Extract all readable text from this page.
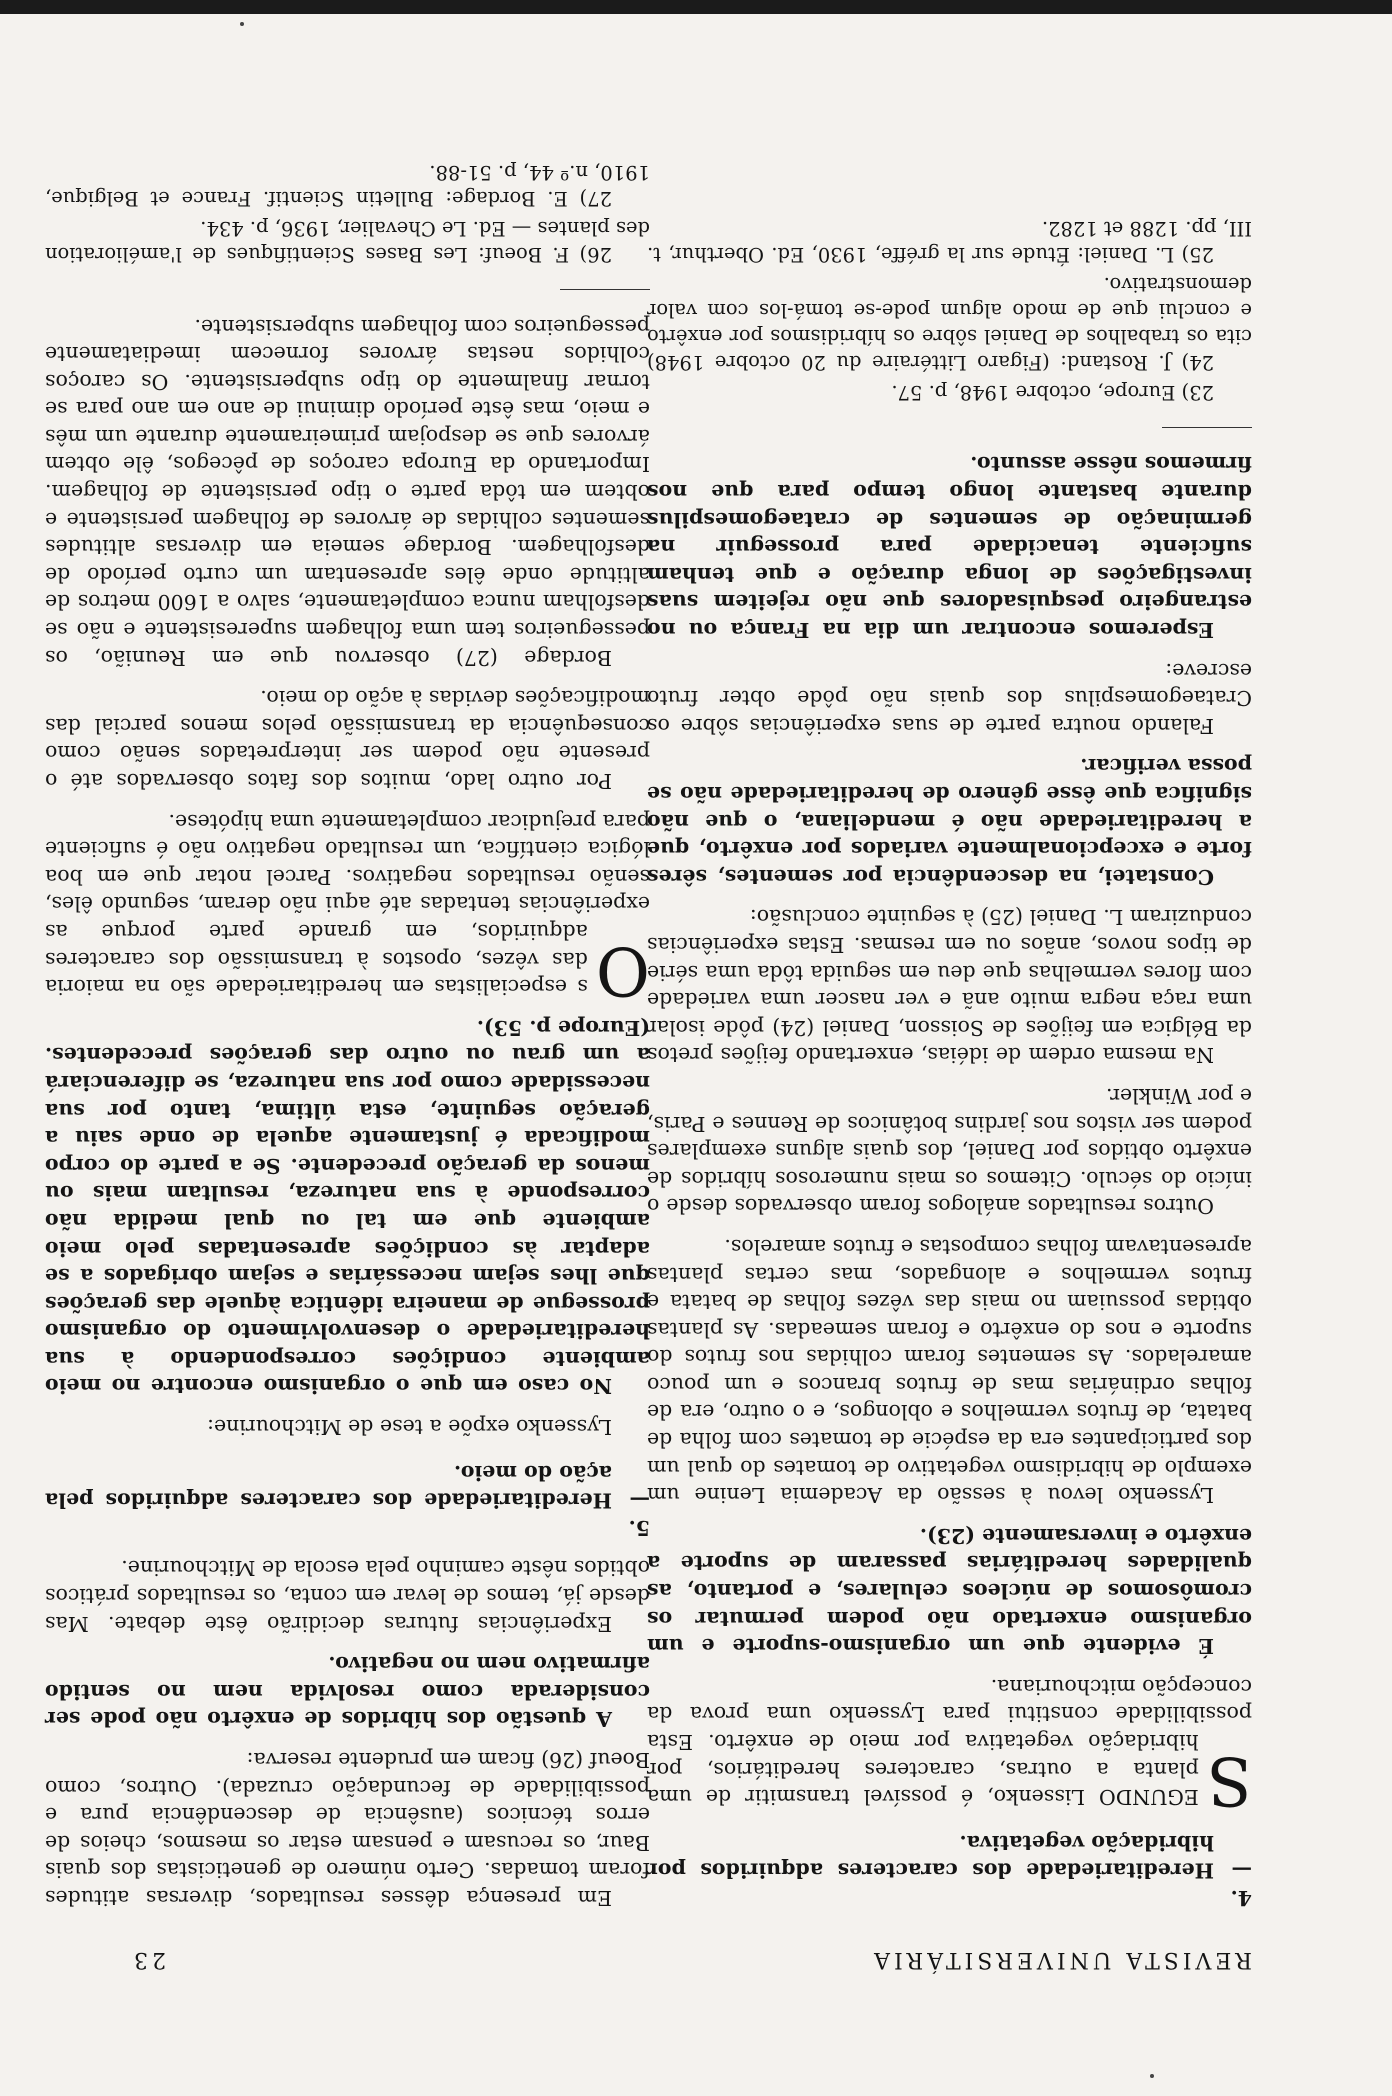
23	REVISTA UNIVERSITÁRIA
4. —Hereditariedade dos caracteres adquiridos por hibridação vegetativa.

S
EGUNDO Lissenko, é possível transmitir de uma planta a outras, caracteres hereditários, por hibridação vegetativa por meio de enxêrto. Esta possibilidade constitui para Lyssenko uma prova da concepção mitchouriana.

É evidente que um organismo-suporte e um organismo enxertado não podem permutar os cromôsomos de núcleos celulares, e portanto, as qualidades hereditárias passaram de suporte a enxêrto e inversamente (23).

Lyssenko levou à sessão da Academia Lenine um exemplo de hibridismo vegetativo de tomates do qual um dos participantes era da espécie de tomates com folha de batata, de frutos vermelhos e oblongos, e o outro, era de folhas ordinárias mas de frutos brancos e um pouco amarelados. As sementes foram colhidas nos frutos do suporte e nos do enxêrto e foram semeadas. As plantas obtidas possuiam no mais das vêzes folhas de batata e frutos vermelhos e alongados, mas certas plantas apresentavam folhas compostas e frutos amarelos.

Outros resultados análogos foram observados desde o início do século. Citemos os mais numerosos híbridos de enxêrto obtidos por Daniel, dos quais alguns exemplares podem ser vistos nos jardins botânicos de Rennes e Paris, e por Winkler.

Na mesma ordem de idéias, enxertando feijões pretos da Bélgica em feijões de Soisson, Daniel (24) pôde isolar uma raça negra muito anã e ver nascer uma variedade com flores vermelhas que deu em seguida tôda uma série de tipos novos, anãos ou em resmas. Estas experiências conduziram L. Daniel (25) à seguinte conclusão:

Constatei, na descendência por sementes, sêres forte e excepcionalmente variados por enxêrto, que a hereditariedade não é mendeliana, o que não significa que êsse gênero de hereditariedade não se possa verificar.

Falando noutra parte de suas experiências sôbre os Crataegomespilus dos quais não pôde obter fruto escreve:

Esperemos encontrar um dia na França ou no estrangeiro pesquisadores que não rejeitem suas investigações de longa duração e que tenham suficiente tenacidade para prosseguir na germinação de sementes de crataegomespilus durante bastante longo tempo para que nos firmemos nêsse assunto.

23) Europe, octobre 1948, p. 57.

24) J. Rostand: (Figaro Littéraire du 20 octobre 1948) cita os trabalhos de Daniel sôbre os híbridismos por enxêrto e conclui que de modo algum pode-se tomá-los com valor demonstrativo.

25) L. Daniel: Étude sur la gréffe, 1930, Ed. Oberthur, t. III, pp. 1288 et 1282.

Em presença dêsses resultados, diversas atitudes foram tomadas. Certo número de geneticistas dos quais Baur, os recusam e pensam estar os mesmos, cheios de erros técnicos (ausência de descendência pura e possibilidade de fecundação cruzada). Outros, como Boeuf (26) ficam em prudente reserva:

A questão dos híbridos de enxêrto não pode ser considerada como resolvida nem no sentido afirmativo nem no negativo.

Experiências futuras decidirão êste debate. Mas desde já, temos de levar em conta, os resultados práticos obtidos nêste caminho pela escola de Mitchourine.

5. —Hereditariedade dos caracteres adquiridos pela ação do meio.

Lyssenko expõe a tese de Mitchourine:

No caso em que o organismo encontre no meio ambiente condições correspondendo à sua hereditariedade o desenvolvimento do organismo prossegue de maneira idêntica àquele das gerações que lhes sejam necessárias e sejam obrigados a se adaptar às condições apresentadas pelo meio ambiente que em tal ou qual medida não corresponde à sua natureza, resultam mais ou menos da geração precedente. Se a parte do corpo modificada é justamente aquela de onde saiu a geração seguinte, esta última, tanto por sua necessidade como por sua natureza, se diferenciará a um grau ou outro das gerações precedentes. (Europe p. 53).

O
s especialistas em hereditariedade são na maioria das vêzes, opostos à transmissão dos caracteres adquiridos, em grande parte porque as experiências tentadas até aqui não deram, segundo êles, senão resultados negativos. Parcel notar que em boa lógica científica, um resultado negativo não é suficiente para prejudicar completamente uma hipótese.

Por outro lado, muitos dos fatos observados até o presente não podem ser interpretados senão como consequência da transmissão pelos menos parcial das modificações devidas à ação do meio.

Bordage (27) observou que em Reunião, os pessegueiros tem uma folhagem superesistente e não se desfolham nunca completamente, salvo a 1600 metros de altitude onde êles apresentam um curto período de desfolhagem. Bordage semeia em diversas altitudes sementes colhidas de árvores de folhagem persistente e obtem em tôda parte o tipo persistente de folhagem. Importando da Europa caroços de pêcegos, êle obtem árvores que se despojam primeiramente durante um mês e meio, mas êste período diminui de ano em ano para se tornar finalmente do tipo subpersistente. Os caroços colhidos nestas árvores fornecem imediatamente pessegueiros com folhagem subpersistente.

26) F. Boeuf: Les Bases Scientifiques de l'amélioration des plantes — Ed. Le Chevalier, 1936, p. 434.

27) E. Bordage: Bulletin Scientif. France et Belgique, 1910, n.º 44, p. 51-88.
